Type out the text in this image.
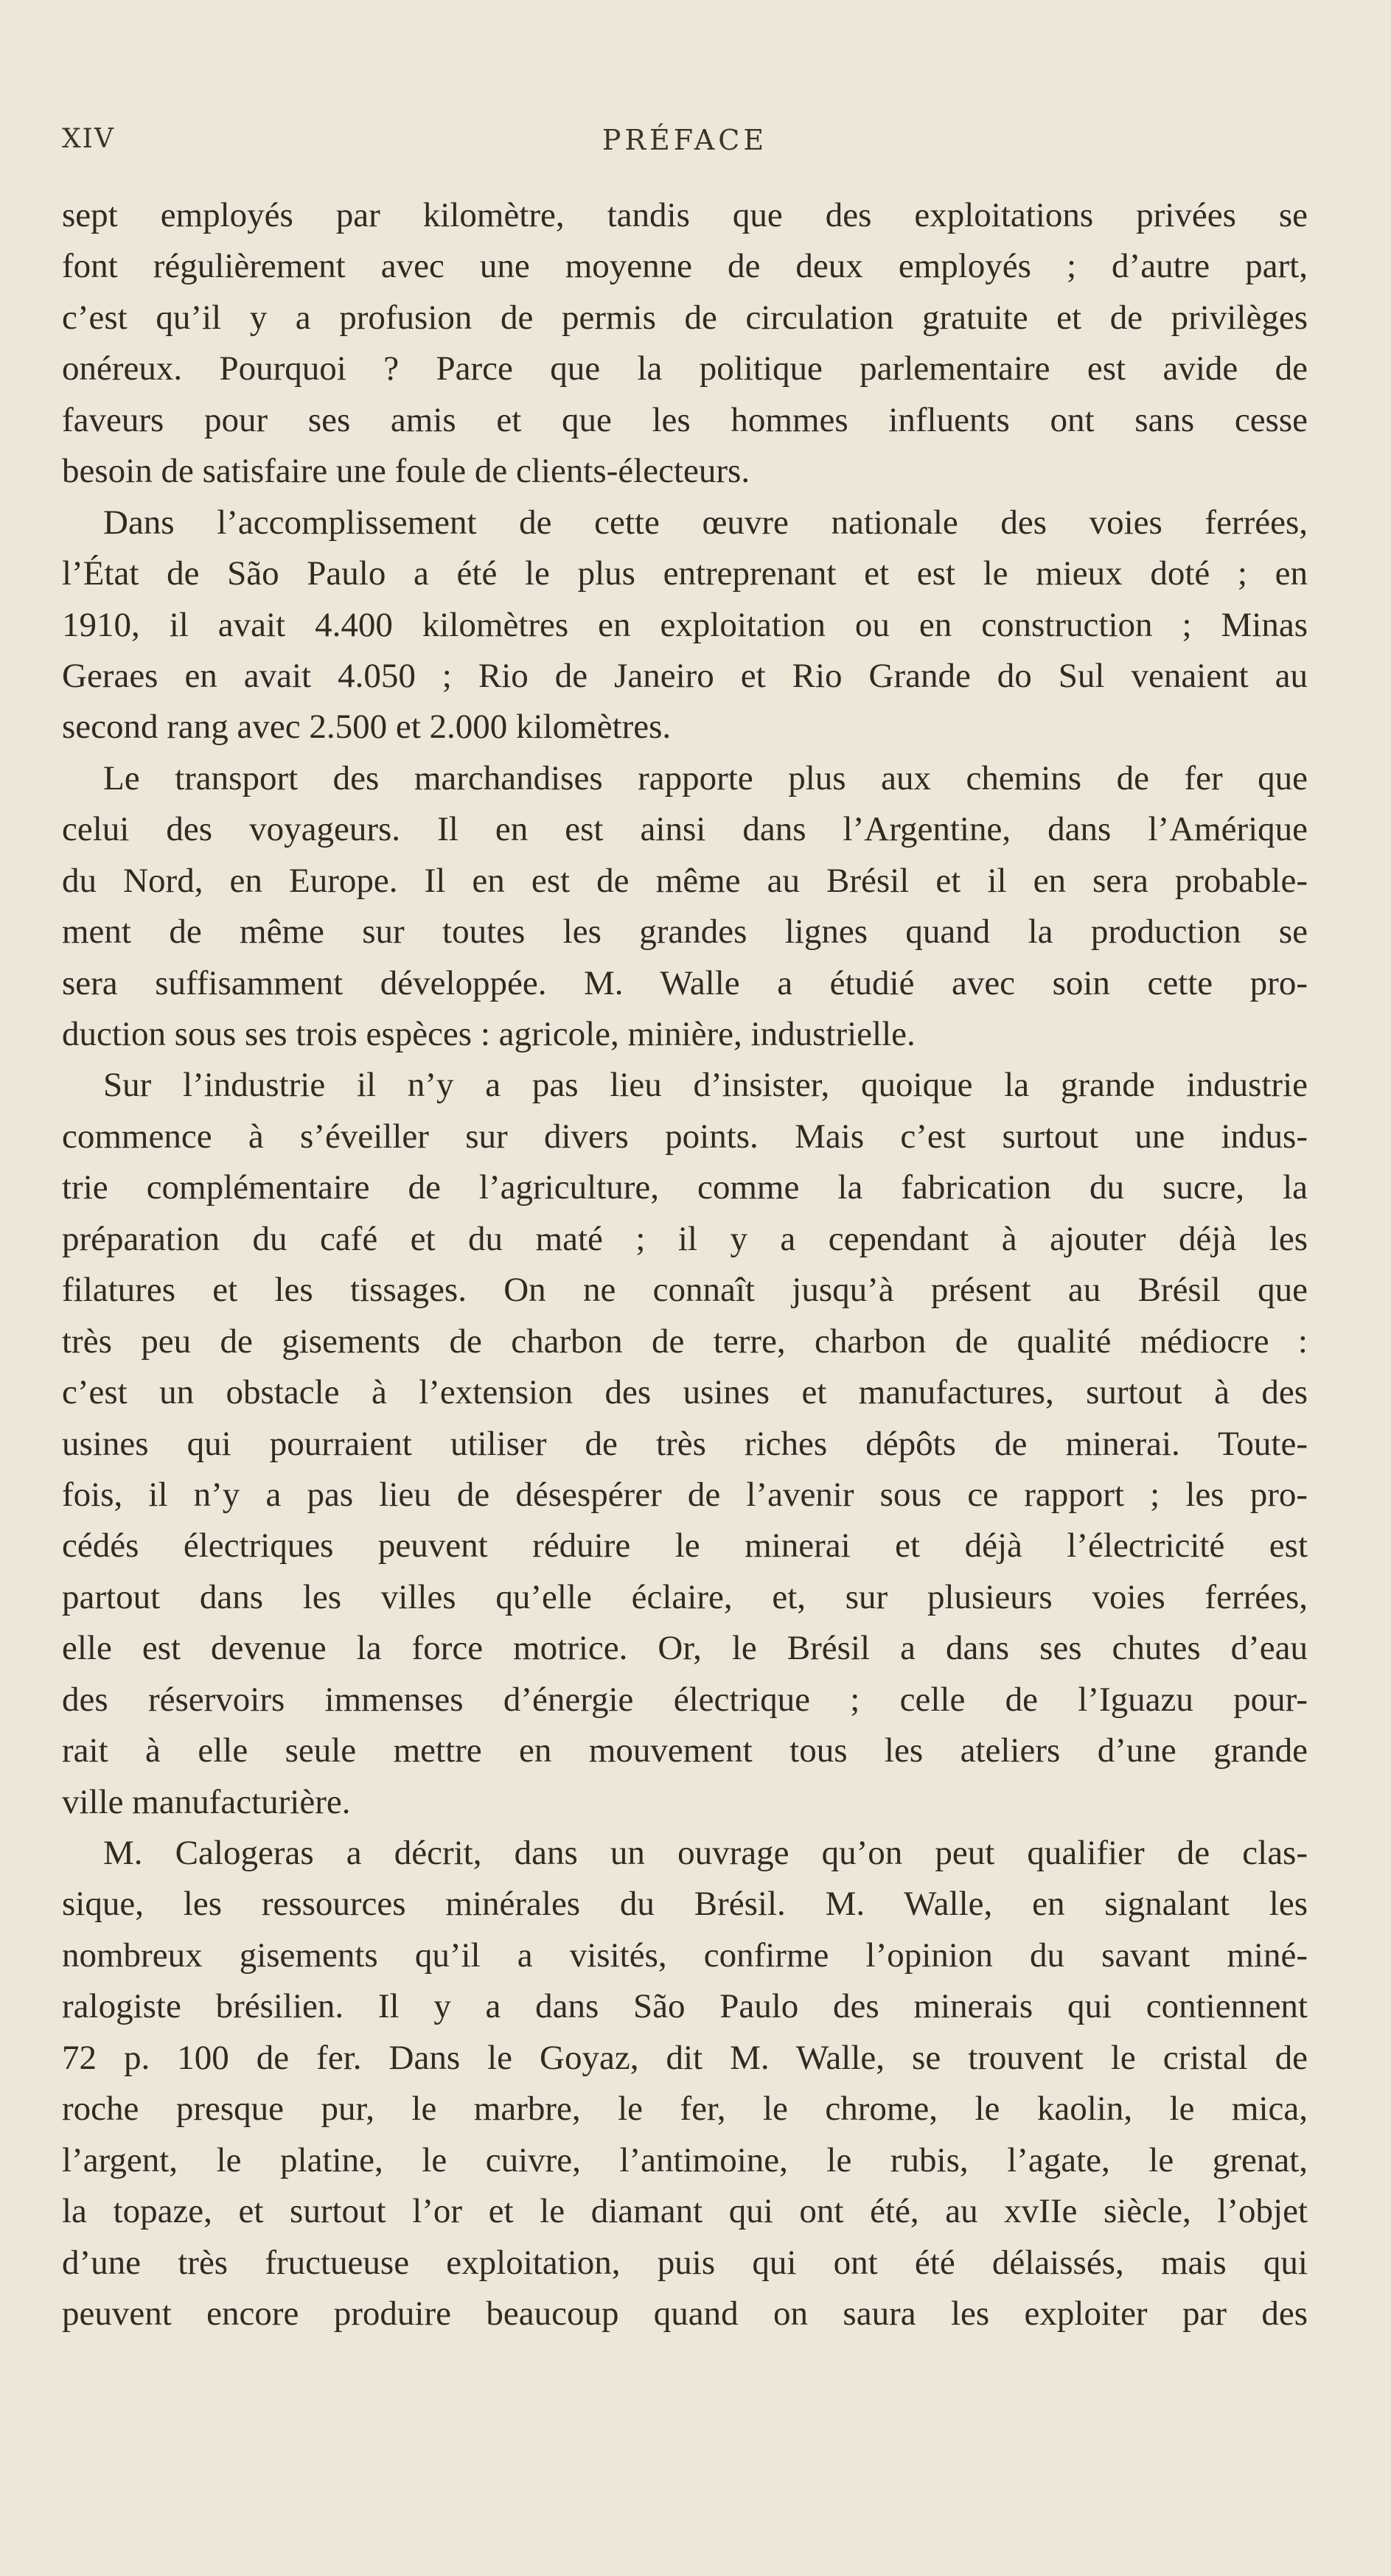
XIV	PRÉFACE
sept employés par kilomètre, tandis que des exploitations privées se
font régulièrement avec une moyenne de deux employés ; d’autre part,
c’est qu’il y a profusion de permis de circulation gratuite et de privilèges
onéreux. Pourquoi ? Parce que la politique parlementaire est avide de
faveurs pour ses amis et que les hommes influents ont sans cesse
besoin de satisfaire une foule de clients-électeurs.
Dans l’accomplissement de cette œuvre nationale des voies ferrées,
l’État de São Paulo a été le plus entreprenant et est le mieux doté ; en
1910, il avait 4.400 kilomètres en exploitation ou en construction ; Minas
Geraes en avait 4.050 ; Rio de Janeiro et Rio Grande do Sul venaient au
second rang avec 2.500 et 2.000 kilomètres.
Le transport des marchandises rapporte plus aux chemins de fer que
celui des voyageurs. Il en est ainsi dans l’Argentine, dans l’Amérique
du Nord, en Europe. Il en est de même au Brésil et il en sera probable-
ment de même sur toutes les grandes lignes quand la production se
sera suffisamment développée. M. Walle a étudié avec soin cette pro-
duction sous ses trois espèces : agricole, minière, industrielle.
Sur l’industrie il n’y a pas lieu d’insister, quoique la grande industrie
commence à s’éveiller sur divers points. Mais c’est surtout une indus-
trie complémentaire de l’agriculture, comme la fabrication du sucre, la
préparation du café et du maté ; il y a cependant à ajouter déjà les
filatures et les tissages. On ne connaît jusqu’à présent au Brésil que
très peu de gisements de charbon de terre, charbon de qualité médiocre :
c’est un obstacle à l’extension des usines et manufactures, surtout à des
usines qui pourraient utiliser de très riches dépôts de minerai. Toute-
fois, il n’y a pas lieu de désespérer de l’avenir sous ce rapport ; les pro-
cédés électriques peuvent réduire le minerai et déjà l’électricité est
partout dans les villes qu’elle éclaire, et, sur plusieurs voies ferrées,
elle est devenue la force motrice. Or, le Brésil a dans ses chutes d’eau
des réservoirs immenses d’énergie électrique ; celle de l’Iguazu pour-
rait à elle seule mettre en mouvement tous les ateliers d’une grande
ville manufacturière.
M. Calogeras a décrit, dans un ouvrage qu’on peut qualifier de clas-
sique, les ressources minérales du Brésil. M. Walle, en signalant les
nombreux gisements qu’il a visités, confirme l’opinion du savant miné-
ralogiste brésilien. Il y a dans São Paulo des minerais qui contiennent
72 p. 100 de fer. Dans le Goyaz, dit M. Walle, se trouvent le cristal de
roche presque pur, le marbre, le fer, le chrome, le kaolin, le mica,
l’argent, le platine, le cuivre, l’antimoine, le rubis, l’agate, le grenat,
la topaze, et surtout l’or et le diamant qui ont été, au xvIIe siècle, l’objet
d’une très fructueuse exploitation, puis qui ont été délaissés, mais qui
peuvent encore produire beaucoup quand on saura les exploiter par des
